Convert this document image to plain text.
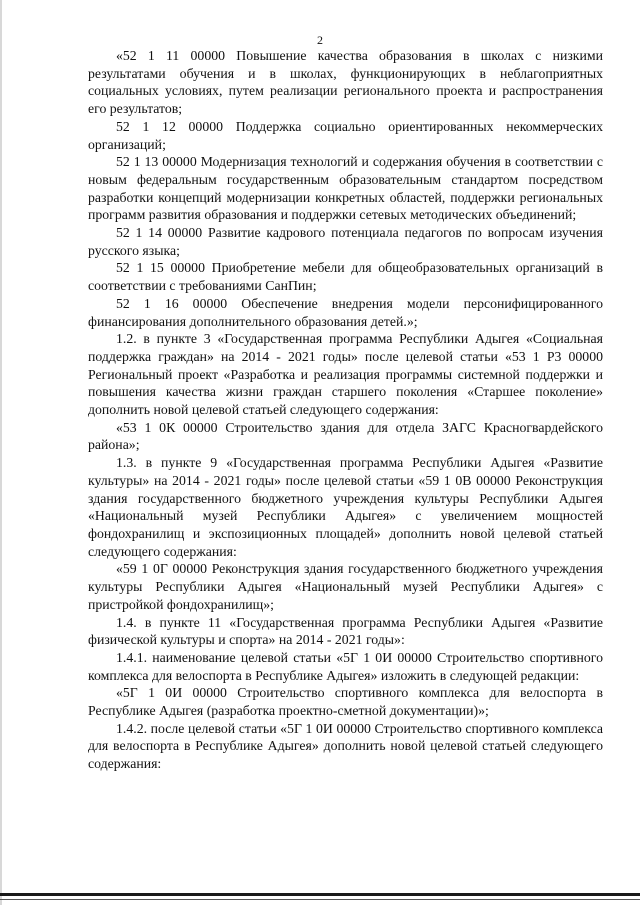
2

«52 1 11 00000 Повышение качества образования в школах с низкими результатами обучения и в школах, функционирующих в неблагоприятных социальных условиях, путем реализации регионального проекта и распространения его результатов;

52 1 12 00000 Поддержка социально ориентированных некоммерческих организаций;

52 1 13 00000 Модернизация технологий и содержания обучения в соответствии с новым федеральным государственным образовательным стандартом посредством разработки концепций модернизации конкретных областей, поддержки региональных программ развития образования и поддержки сетевых методических объединений;

52 1 14 00000 Развитие кадрового потенциала педагогов по вопросам изучения русского языка;

52 1 15 00000 Приобретение мебели для общеобразовательных организаций в соответствии с требованиями СанПин;

52 1 16 00000 Обеспечение внедрения модели персонифицированного финансирования дополнительного образования детей.»;

1.2. в пункте 3 «Государственная программа Республики Адыгея «Социальная поддержка граждан» на 2014 - 2021 годы» после целевой статьи «53 1 Р3 00000 Региональный проект «Разработка и реализация программы системной поддержки и повышения качества жизни граждан старшего поколения «Старшее поколение» дополнить новой целевой статьей следующего содержания:

«53 1 0К 00000 Строительство здания для отдела ЗАГС Красногвардейского района»;

1.3. в пункте 9 «Государственная программа Республики Адыгея «Развитие культуры» на 2014 - 2021 годы» после целевой статьи «59 1 0В 00000 Реконструкция здания государственного бюджетного учреждения культуры Республики Адыгея «Национальный музей Республики Адыгея» с увеличением мощностей фондохранилищ и экспозиционных площадей» дополнить новой целевой статьей следующего содержания:

«59 1 0Г 00000 Реконструкция здания государственного бюджетного учреждения культуры Республики Адыгея «Национальный музей Республики Адыгея» с пристройкой фондохранилищ»;

1.4. в пункте 11 «Государственная программа Республики Адыгея «Развитие физической культуры и спорта» на 2014 - 2021 годы»:

1.4.1. наименование целевой статьи «5Г 1 0И 00000 Строительство спортивного комплекса для велоспорта в Республике Адыгея» изложить в следующей редакции:

«5Г 1 0И 00000 Строительство спортивного комплекса для велоспорта в Республике Адыгея (разработка проектно-сметной документации)»;

1.4.2. после целевой статьи «5Г 1 0И 00000 Строительство спортивного комплекса для велоспорта в Республике Адыгея» дополнить новой целевой статьей следующего содержания:
